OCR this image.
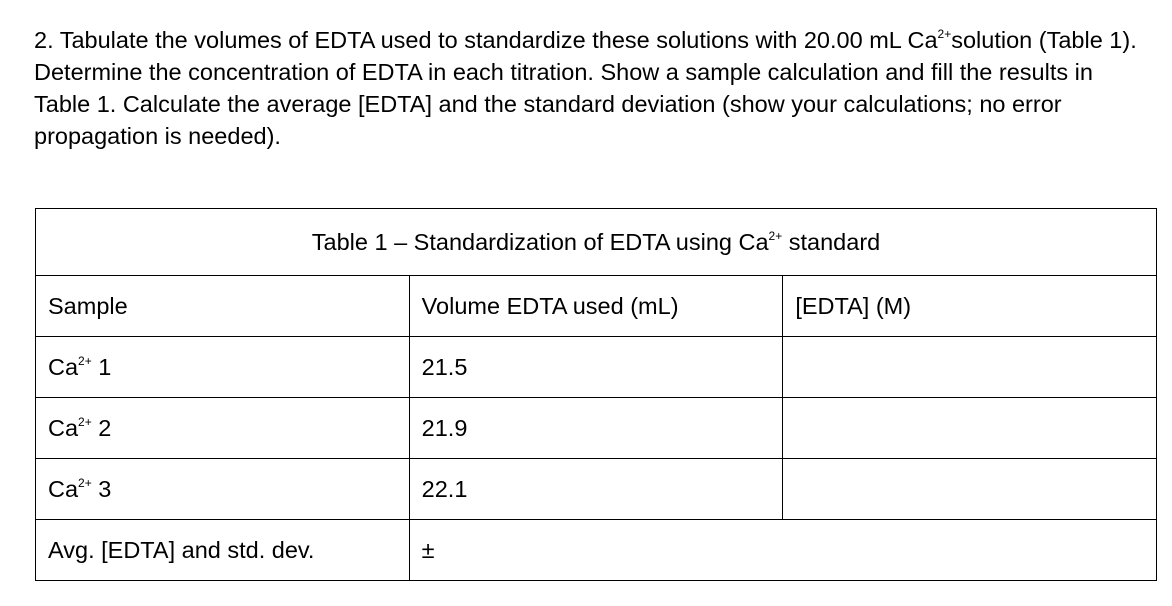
2. Tabulate the volumes of EDTA used to standardize these solutions with 20.00 mL $Ca^{2+}solution$ (Table 1). Determine the concentration of EDTA in each titration. Show a sample calculation and fill the results in Table 1. Calculate the average [EDTA] and the standard deviation (show your calculations; no error propagation is needed).

Table 1 – Standardization of EDTA using $Ca^{2+}$ standard		
Sample	Volume EDTA used (mL)	[EDTA] (M)
$Ca^{2+}$ 1	21.5	
$Ca^{2+}$ 2	21.9	
$Ca^{2+}$ 3	22.1	
Avg. [EDTA] and std. dev.	±	
